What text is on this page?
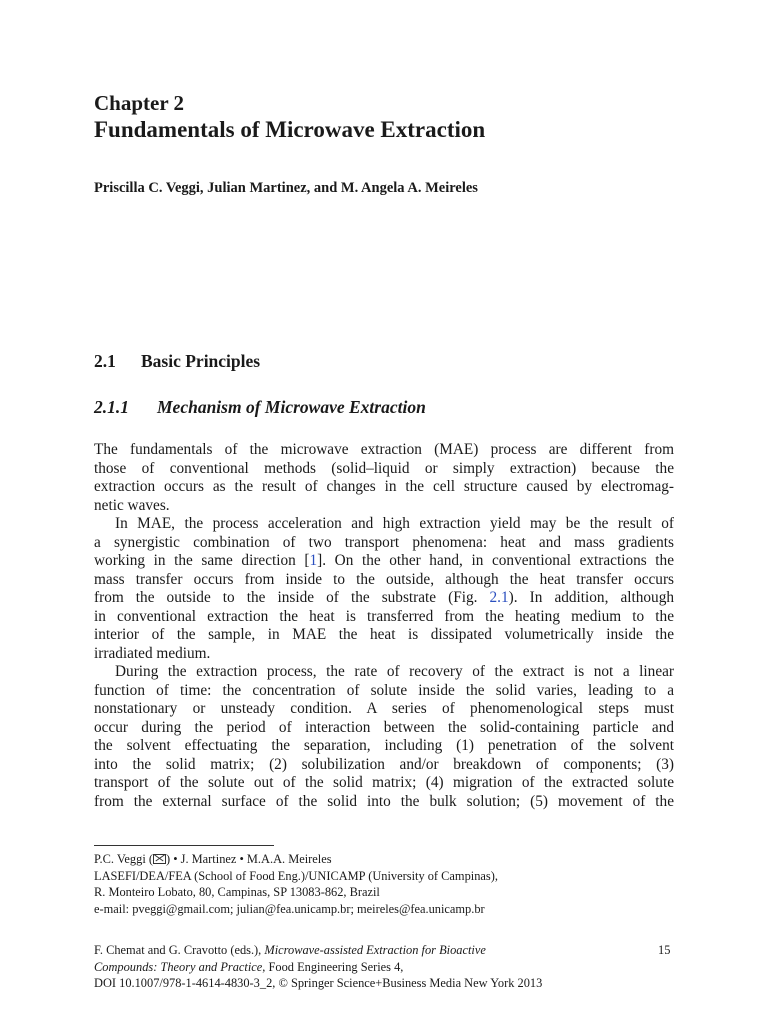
Chapter 2
Fundamentals of Microwave Extraction
Priscilla C. Veggi, Julian Martinez, and M. Angela A. Meireles
2.1 Basic Principles
2.1.1 Mechanism of Microwave Extraction
The fundamentals of the microwave extraction (MAE) process are different from
those of conventional methods (solid–liquid or simply extraction) because the
extraction occurs as the result of changes in the cell structure caused by electromag-
netic waves.
In MAE, the process acceleration and high extraction yield may be the result of
a synergistic combination of two transport phenomena: heat and mass gradients
working in the same direction [1]. On the other hand, in conventional extractions the
mass transfer occurs from inside to the outside, although the heat transfer occurs
from the outside to the inside of the substrate (Fig. 2.1). In addition, although
in conventional extraction the heat is transferred from the heating medium to the
interior of the sample, in MAE the heat is dissipated volumetrically inside the
irradiated medium.
During the extraction process, the rate of recovery of the extract is not a linear
function of time: the concentration of solute inside the solid varies, leading to a
nonstationary or unsteady condition. A series of phenomenological steps must
occur during the period of interaction between the solid-containing particle and
the solvent effectuating the separation, including (1) penetration of the solvent
into the solid matrix; (2) solubilization and/or breakdown of components; (3)
transport of the solute out of the solid matrix; (4) migration of the extracted solute
from the external surface of the solid into the bulk solution; (5) movement of the
P.C. Veggi ( ) • J. Martinez • M.A.A. Meireles
LASEFI/DEA/FEA (School of Food Eng.)/UNICAMP (University of Campinas),
R. Monteiro Lobato, 80, Campinas, SP 13083-862, Brazil
e-mail: pveggi@gmail.com; julian@fea.unicamp.br; meireles@fea.unicamp.br
F. Chemat and G. Cravotto (eds.), Microwave-assisted Extraction for Bioactive
Compounds: Theory and Practice, Food Engineering Series 4,
DOI 10.1007/978-1-4614-4830-3_2, © Springer Science+Business Media New York 2013
15
